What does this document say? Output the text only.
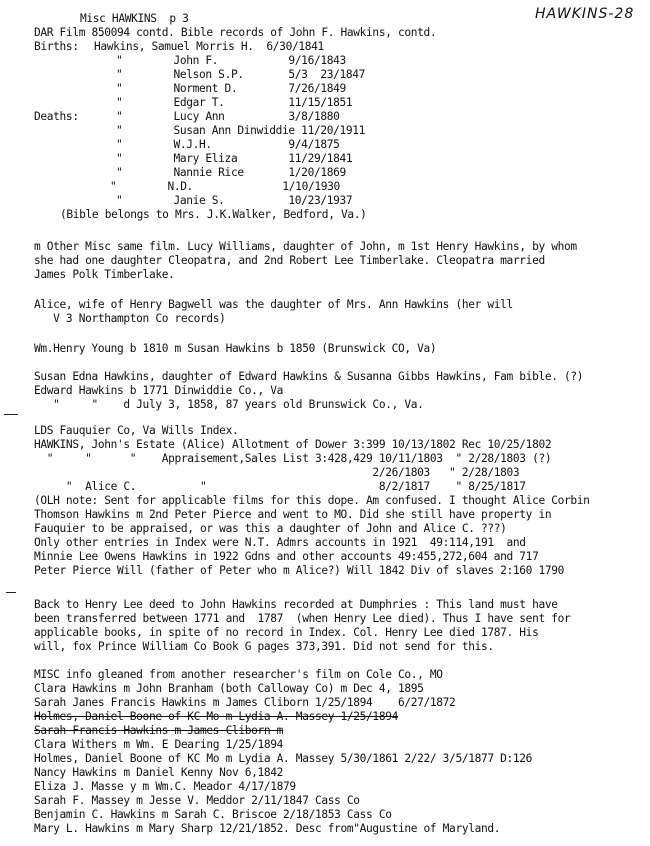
HAWKINS-28
Misc HAWKINS  p 3
DAR Film 850094 contd. Bible records of John F. Hawkins, contd.
Births: Hawkins, Samuel Morris H.  6/30/1841
"        John F.           9/16/1843
"        Nelson S.P.       5/3  23/1847
"        Norment D.        7/26/1849
"        Edgar T.          11/15/1851
Deaths:	"        Lucy Ann          3/8/1880
"        Susan Ann Dinwiddie 11/20/1911
"        W.J.H.            9/4/1875
"        Mary Eliza        11/29/1841
"        Nannie Rice       1/20/1869
"        N.D.              1/10/1930
"        Janie S.          10/23/1937
(Bible belongs to Mrs. J.K.Walker, Bedford, Va.)
m Other Misc same film. Lucy Williams, daughter of John, m 1st Henry Hawkins, by whom
she had one daughter Cleopatra, and 2nd Robert Lee Timberlake. Cleopatra married
James Polk Timberlake.
Alice, wife of Henry Bagwell was the daughter of Mrs. Ann Hawkins (her will
V 3 Northampton Co records)
Wm.Henry Young b 1810 m Susan Hawkins b 1850 (Brunswick CO, Va)
Susan Edna Hawkins, daughter of Edward Hawkins & Susanna Gibbs Hawkins, Fam bible. (?)
Edward Hawkins b 1771 Dinwiddie Co., Va
"     "    d July 3, 1858, 87 years old Brunswick Co., Va.
LDS Fauquier Co, Va Wills Index.
HAWKINS, John's Estate (Alice) Allotment of Dower 3:399 10/13/1802 Rec 10/25/1802
"     "      "    Appraisement,Sales List 3:428,429 10/11/1803  " 2/28/1803 (?)
2/26/1803   " 2/28/1803
"  Alice C.          "                           8/2/1817    " 8/25/1817
(OLH note: Sent for applicable films for this dope. Am confused. I thought Alice Corbin
Thomson Hawkins m 2nd Peter Pierce and went to MO. Did she still have property in
Fauquier to be appraised, or was this a daughter of John and Alice C. ???)
Only other entries in Index were N.T. Admrs accounts in 1921  49:114,191  and
Minnie Lee Owens Hawkins in 1922 Gdns and other accounts 49:455,272,604 and 717
Peter Pierce Will (father of Peter who m Alice?) Will 1842 Div of slaves 2:160 1790
Back to Henry Lee deed to John Hawkins recorded at Dumphries : This land must have
been transferred between 1771 and  1787  (when Henry Lee died). Thus I have sent for
applicable books, in spite of no record in Index. Col. Henry Lee died 1787. His
will, fox Prince William Co Book G pages 373,391. Did not send for this.
MISC info gleaned from another researcher's film on Cole Co., MO
Clara Hawkins m John Branham (both Calloway Co) m Dec 4, 1895
Sarah Janes Francis Hawkins m James Cliborn 1/25/1894    6/27/1872
Holmes, Daniel Boone of KC Mo m Lydia A. Massey 1/25/1894
Sarah Francis Hawkins m James Cliborn m
Clara Withers m Wm. E Dearing 1/25/1894
Holmes, Daniel Boone of KC Mo m Lydia A. Massey 5/30/1861 2/22/ 3/5/1877 D:126
Nancy Hawkins m Daniel Kenny Nov 6,1842
Eliza J. Masse y m Wm.C. Meador 4/17/1879
Sarah F. Massey m Jesse V. Meddor 2/11/1847 Cass Co
Benjamin C. Hawkins m Sarah C. Briscoe 2/18/1853 Cass Co
Mary L. Hawkins m Mary Sharp 12/21/1852. Desc from"Augustine of Maryland.
